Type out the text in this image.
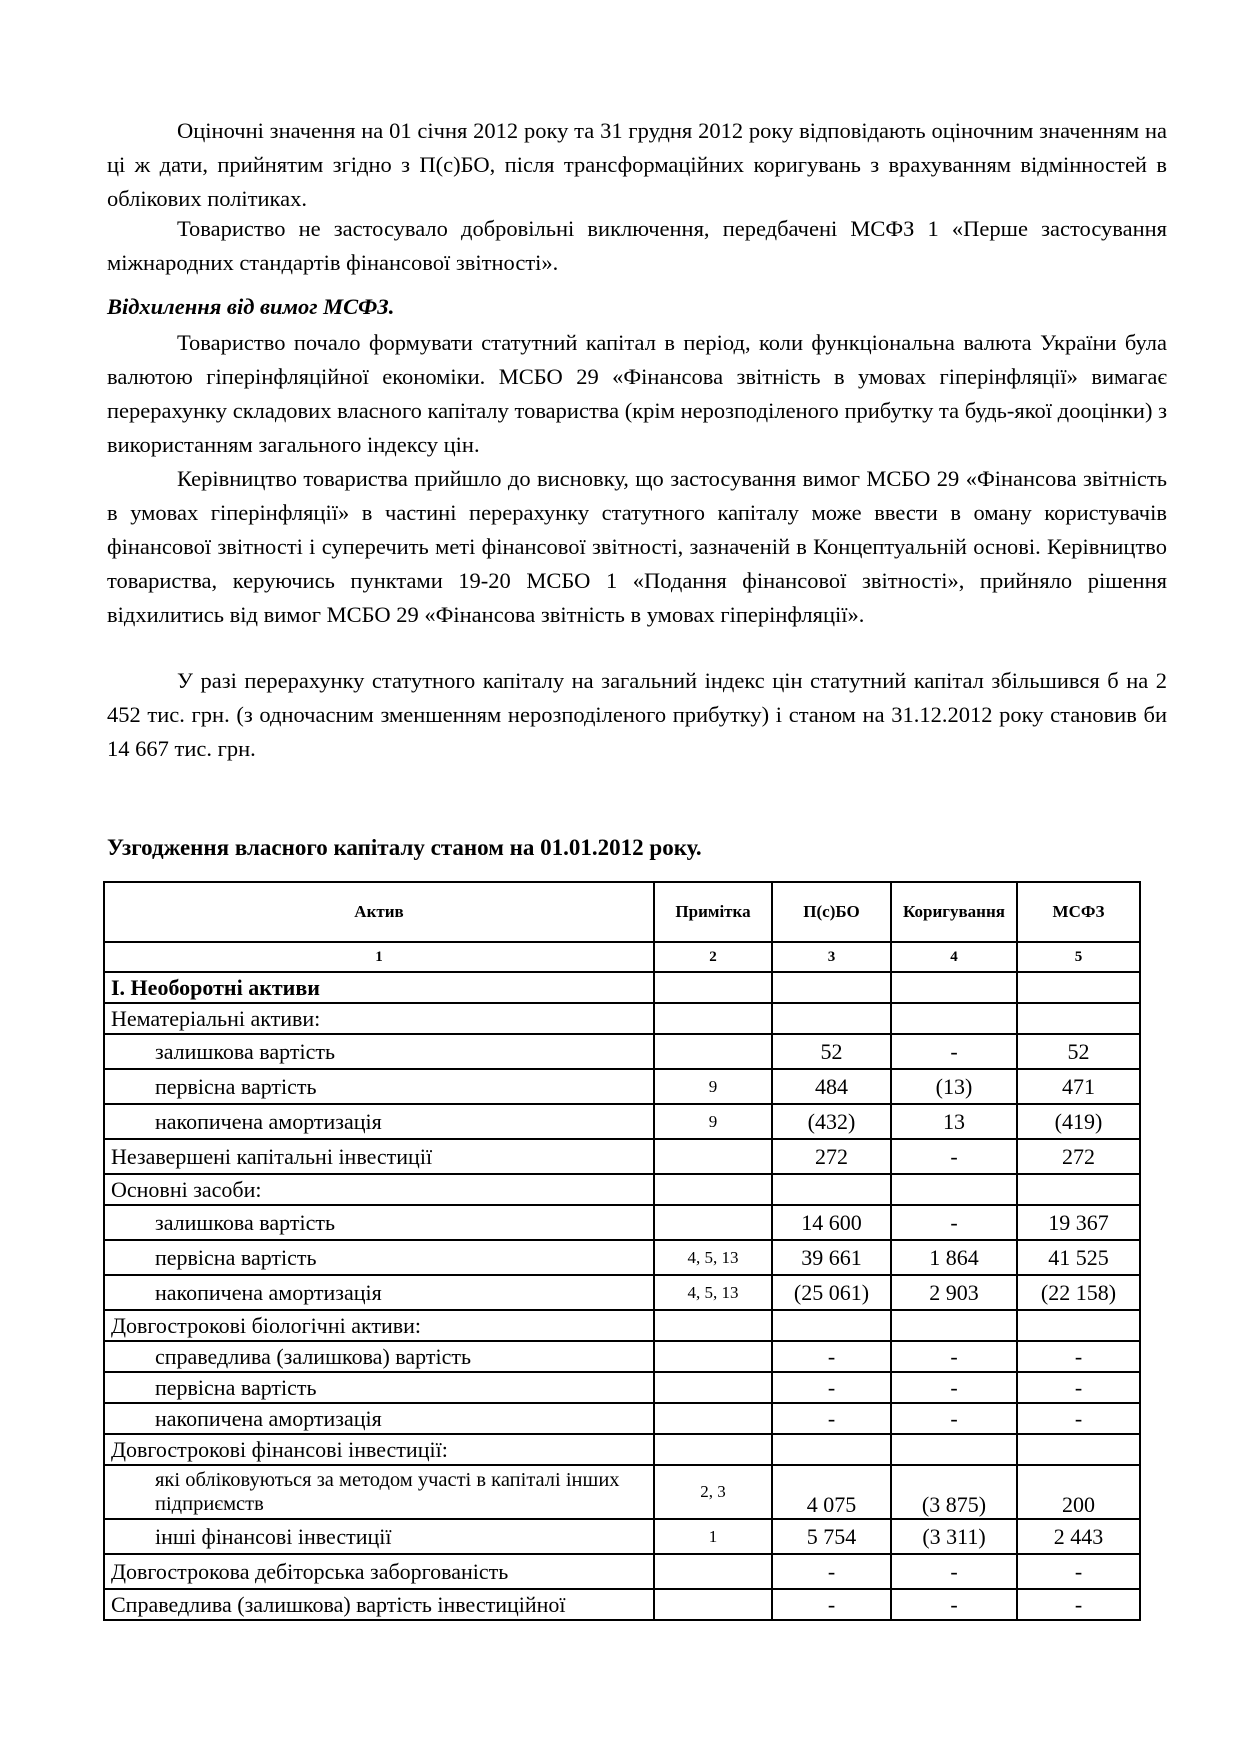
Оціночні значення на 01 січня 2012 року та 31 грудня 2012 року відповідають оціночним значенням на ці ж дати, прийнятим згідно з П(с)БО, після трансформаційних коригувань з врахуванням відмінностей в облікових політиках.
Товариство не застосувало добровільні виключення, передбачені МСФЗ 1 «Перше застосування міжнародних стандартів фінансової звітності».
Відхилення від вимог МСФЗ.
Товариство почало формувати статутний капітал в період, коли функціональна валюта України була валютою гіперінфляційної економіки. МСБО 29 «Фінансова звітність в умовах гіперінфляції» вимагає перерахунку складових власного капіталу товариства (крім нерозподіленого прибутку та будь-якої дооцінки) з використанням загального індексу цін.
Керівництво товариства прийшло до висновку, що застосування вимог МСБО 29 «Фінансова звітність в умовах гіперінфляції» в частині перерахунку статутного капіталу може ввести в оману користувачів фінансової звітності і суперечить меті фінансової звітності, зазначеній в Концептуальній основі. Керівництво товариства, керуючись пунктами 19-20 МСБО 1 «Подання фінансової звітності», прийняло рішення відхилитись від вимог МСБО 29 «Фінансова звітність в умовах гіперінфляції».
У разі перерахунку статутного капіталу на загальний індекс цін статутний капітал збільшився б на 2 452 тис. грн. (з одночасним зменшенням нерозподіленого прибутку) і станом на 31.12.2012 року становив би 14 667 тис. грн.
Узгодження власного капіталу станом на 01.01.2012 року.
Актив	Примітка	П(с)БО	Коригування	МСФЗ
1	2	3	4	5
І. Необоротні активи				
Нематеріальні активи:				
залишкова вартість		52	-	52
первісна вартість	9	484	(13)	471
накопичена амортизація	9	(432)	13	(419)
Незавершені капітальні інвестиції		272	-	272
Основні засоби:				
залишкова вартість		14 600	-	19 367
первісна вартість	4, 5, 13	39 661	1 864	41 525
накопичена амортизація	4, 5, 13	(25 061)	2 903	(22 158)
Довгострокові біологічні активи:				
справедлива (залишкова) вартість		-	-	-
первісна вартість		-	-	-
накопичена амортизація		-	-	-
Довгострокові фінансові інвестиції:				
які обліковуються за методом участі в капіталі інших підприємств	2, 3	4 075	(3 875)	200
інші фінансові інвестиції	1	5 754	(3 311)	2 443
Довгострокова дебіторська заборгованість		-	-	-
Справедлива (залишкова) вартість інвестиційної		-	-	-
